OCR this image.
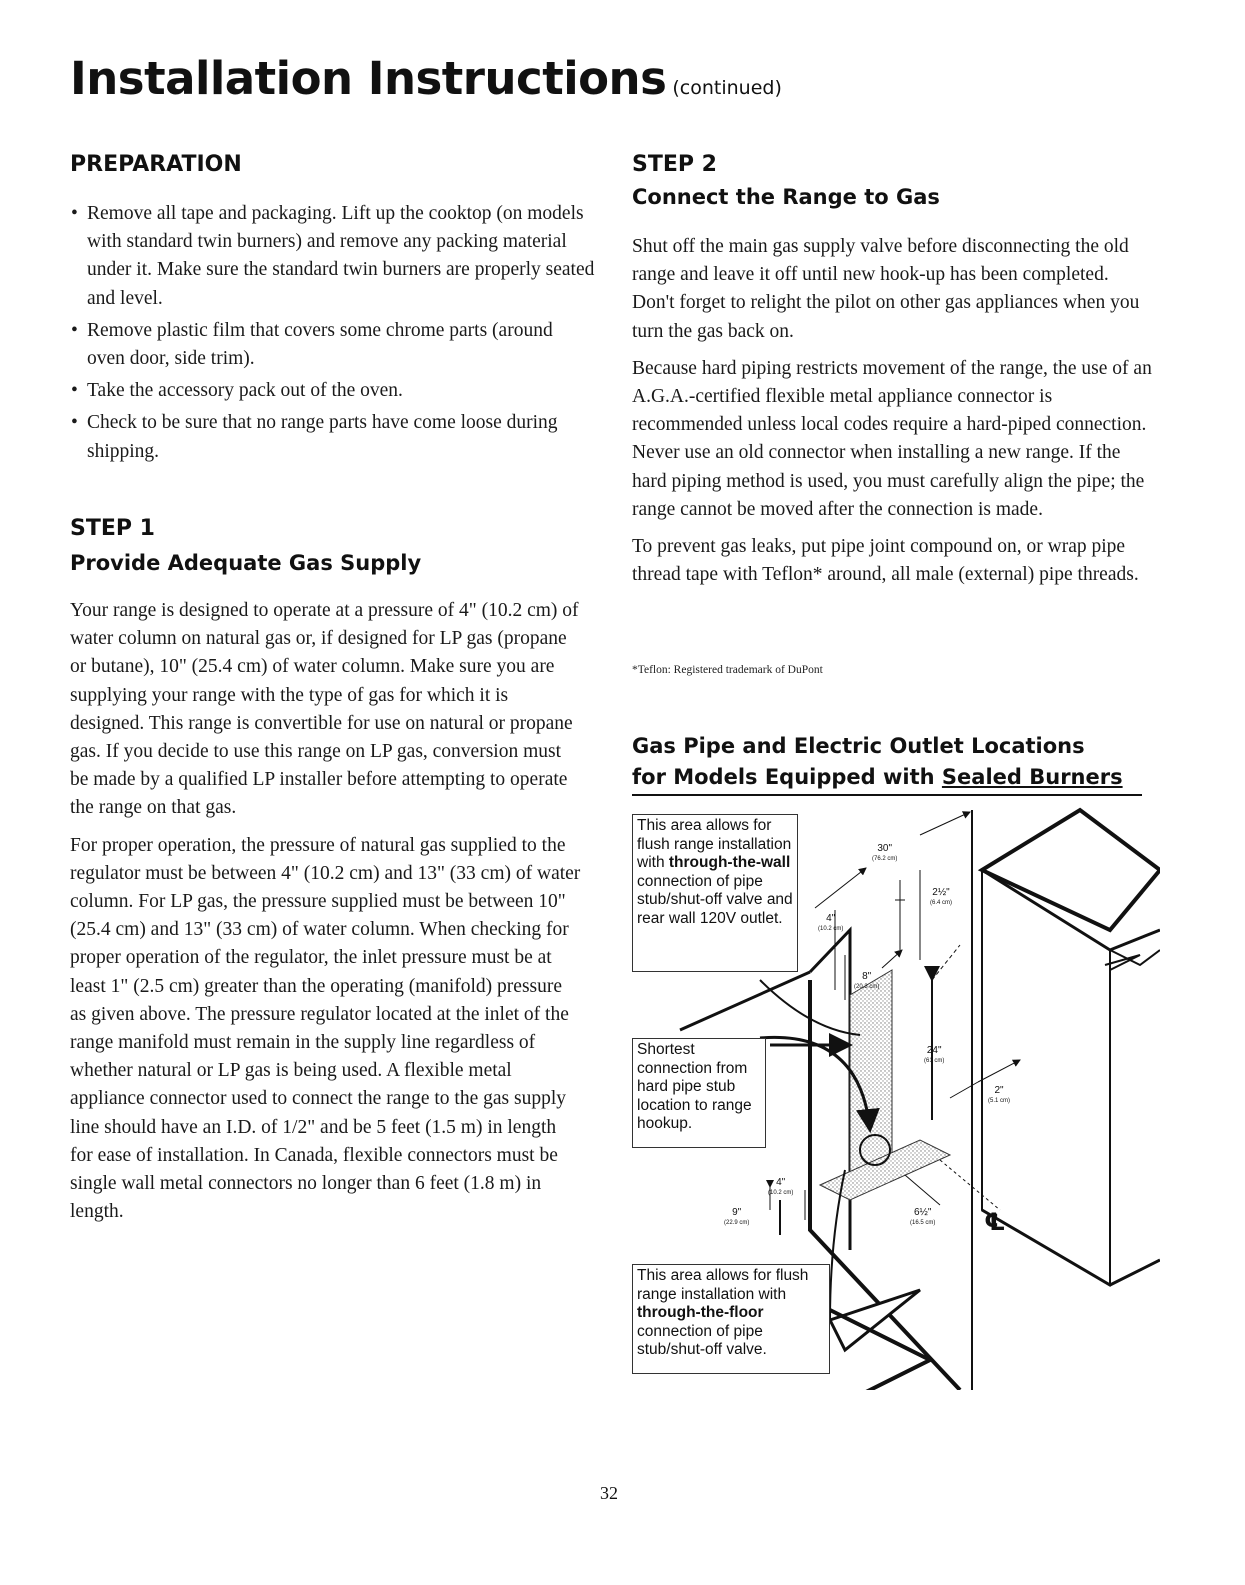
Installation Instructions (continued)
PREPARATION
• Remove all tape and packaging. Lift up the cooktop (on models with standard twin burners) and remove any packing material under it. Make sure the standard twin burners are properly seated and level.
• Remove plastic film that covers some chrome parts (around oven door, side trim).
• Take the accessory pack out of the oven.
• Check to be sure that no range parts have come loose during shipping.
STEP 1
Provide Adequate Gas Supply

Your range is designed to operate at a pressure of 4" (10.2 cm) of water column on natural gas or, if designed for LP gas (propane or butane), 10" (25.4 cm) of water column. Make sure you are supplying your range with the type of gas for which it is designed. This range is convertible for use on natural or propane gas. If you decide to use this range on LP gas, conversion must be made by a qualified LP installer before attempting to operate the range on that gas.

For proper operation, the pressure of natural gas supplied to the regulator must be between 4" (10.2 cm) and 13" (33 cm) of water column. For LP gas, the pressure supplied must be between 10" (25.4 cm) and 13" (33 cm) of water column. When checking for proper operation of the regulator, the inlet pressure must be at least 1" (2.5 cm) greater than the operating (manifold) pressure as given above. The pressure regulator located at the inlet of the range manifold must remain in the supply line regardless of whether natural or LP gas is being used. A flexible metal appliance connector used to connect the range to the gas supply line should have an I.D. of 1/2" and be 5 feet (1.5 m) in length for ease of installation. In Canada, flexible connectors must be single wall metal connectors no longer than 6 feet (1.8 m) in length.

STEP 2
Connect the Range to Gas

Shut off the main gas supply valve before disconnecting the old range and leave it off until new hook-up has been completed. Don't forget to relight the pilot on other gas appliances when you turn the gas back on.

Because hard piping restricts movement of the range, the use of an A.G.A.-certified flexible metal appliance connector is recommended unless local codes require a hard-piped connection. Never use an old connector when installing a new range. If the hard piping method is used, you must carefully align the pipe; the range cannot be moved after the connection is made.

To prevent gas leaks, put pipe joint compound on, or wrap pipe thread tape with Teflon* around, all male (external) pipe threads.

*Teflon: Registered trademark of DuPont
Gas Pipe and Electric Outlet Locations
for Models Equipped with Sealed Burners
This area allows for flush range installation with through-the-wall connection of pipe stub/shut-off valve and rear wall 120V outlet.
Shortest connection from hard pipe stub location to range hookup.
This area allows for flush range installation with through-the-floor connection of pipe stub/shut-off valve.
30"
(76.2 cm)
2½"
(6.4 cm)
4"
(10.2 cm)
8"
(20.3 cm)
24"
(61 cm)
2"
(5.1 cm)
4"
(10.2 cm)
9"
(22.9 cm)
6½"
(16.5 cm) ℄
32
